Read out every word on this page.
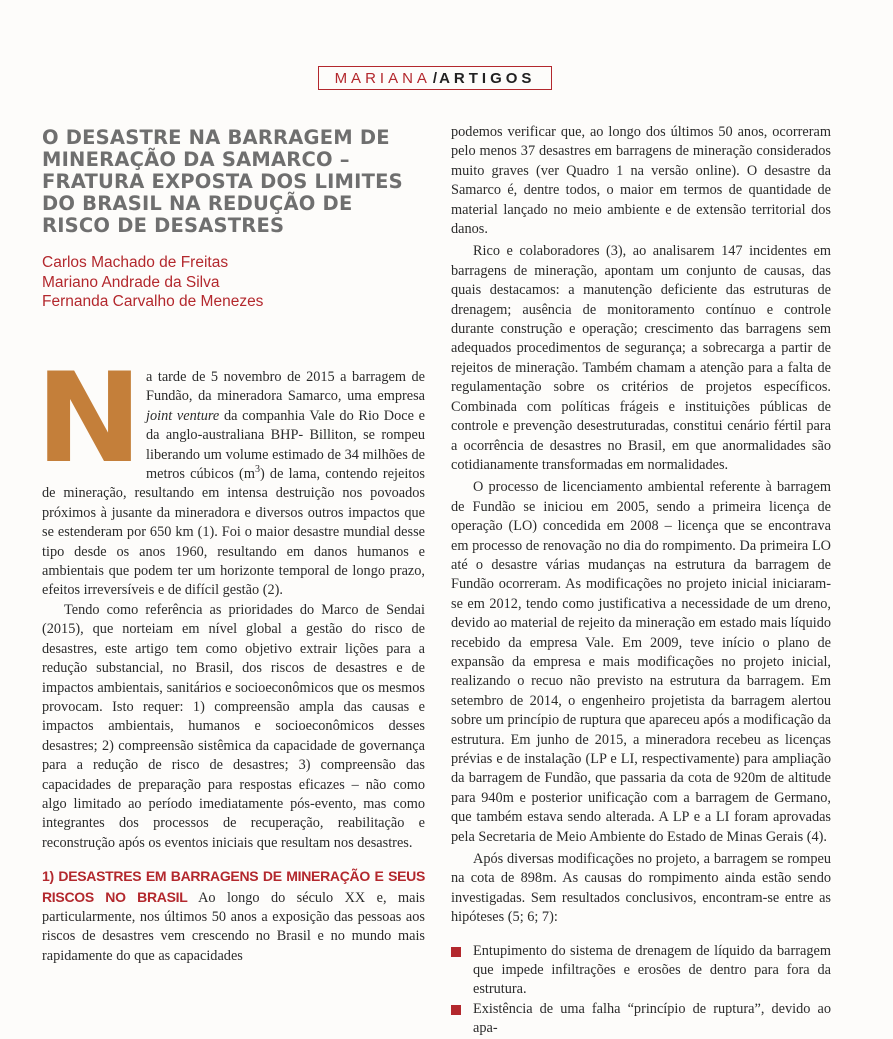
MARIANA / ARTIGOS
O DESASTRE NA BARRAGEM DE MINERAÇÃO DA SAMARCO – FRATURA EXPOSTA DOS LIMITES DO BRASIL NA REDUÇÃO DE RISCO DE DESASTRES
Carlos Machado de Freitas
Mariano Andrade da Silva
Fernanda Carvalho de Menezes
N a tarde de 5 novembro de 2015 a barragem de Fundão, da mineradora Samarco, uma empresa joint venture da companhia Vale do Rio Doce e da anglo-australiana BHP- Billiton, se rompeu liberando um volume estimado de 34 milhões de metros cúbicos $(m^3)$ de lama, contendo rejeitos de mineração, resultando em intensa destruição nos povoados próximos à jusante da mineradora e diversos outros impactos que se estenderam por 650 km (1). Foi o maior desastre mundial desse tipo desde os anos 1960, resultando em danos humanos e ambientais que podem ter um horizonte temporal de longo prazo, efeitos irreversíveis e de difícil gestão (2).

Tendo como referência as prioridades do Marco de Sendai (2015), que norteiam em nível global a gestão do risco de desastres, este artigo tem como objetivo extrair lições para a redução substancial, no Brasil, dos riscos de desastres e de impactos ambientais, sanitários e socioeconômicos que os mesmos provocam. Isto requer: 1) compreensão ampla das causas e impactos ambientais, humanos e socioeconômicos desses desastres; 2) compreensão sistêmica da capacidade de governança para a redução de risco de desastres; 3) compreensão das capacidades de preparação para respostas eficazes – não como algo limitado ao período imediatamente pós-evento, mas como integrantes dos processos de recuperação, reabilitação e reconstrução após os eventos iniciais que resultam nos desastres.

1) DESASTRES EM BARRAGENS DE MINERAÇÃO E SEUS RISCOS NO BRASIL Ao longo do século XX e, mais particularmente, nos últimos 50 anos a exposição das pessoas aos riscos de desastres vem crescendo no Brasil e no mundo mais rapidamente do que as capacidades

podemos verificar que, ao longo dos últimos 50 anos, ocorreram pelo menos 37 desastres em barragens de mineração considerados muito graves (ver Quadro 1 na versão online). O desastre da Samarco é, dentre todos, o maior em termos de quantidade de material lançado no meio ambiente e de extensão territorial dos danos.

Rico e colaboradores (3), ao analisarem 147 incidentes em barragens de mineração, apontam um conjunto de causas, das quais destacamos: a manutenção deficiente das estruturas de drenagem; ausência de monitoramento contínuo e controle durante construção e operação; crescimento das barragens sem adequados procedimentos de segurança; a sobrecarga a partir de rejeitos de mineração. Também chamam a atenção para a falta de regulamentação sobre os critérios de projetos específicos. Combinada com políticas frágeis e instituições públicas de controle e prevenção desestruturadas, constitui cenário fértil para a ocorrência de desastres no Brasil, em que anormalidades são cotidianamente transformadas em normalidades.

O processo de licenciamento ambiental referente à barragem de Fundão se iniciou em 2005, sendo a primeira licença de operação (LO) concedida em 2008 – licença que se encontrava em processo de renovação no dia do rompimento. Da primeira LO até o desastre várias mudanças na estrutura da barragem de Fundão ocorreram. As modificações no projeto inicial iniciaram-se em 2012, tendo como justificativa a necessidade de um dreno, devido ao material de rejeito da mineração em estado mais líquido recebido da empresa Vale. Em 2009, teve início o plano de expansão da empresa e mais modificações no projeto inicial, realizando o recuo não previsto na estrutura da barragem. Em setembro de 2014, o engenheiro projetista da barragem alertou sobre um princípio de ruptura que apareceu após a modificação da estrutura. Em junho de 2015, a mineradora recebeu as licenças prévias e de instalação (LP e LI, respectivamente) para ampliação da barragem de Fundão, que passaria da cota de 920m de altitude para 940m e posterior unificação com a barragem de Germano, que também estava sendo alterada. A LP e a LI foram aprovadas pela Secretaria de Meio Ambiente do Estado de Minas Gerais (4).

Após diversas modificações no projeto, a barragem se rompeu na cota de 898m. As causas do rompimento ainda estão sendo investigadas. Sem resultados conclusivos, encontram-se entre as hipóteses (5; 6; 7):

Entupimento do sistema de drenagem de líquido da barragem que impede infiltrações e erosões de dentro para fora da estrutura.
Existência de uma falha “princípio de ruptura”, devido ao apa-
